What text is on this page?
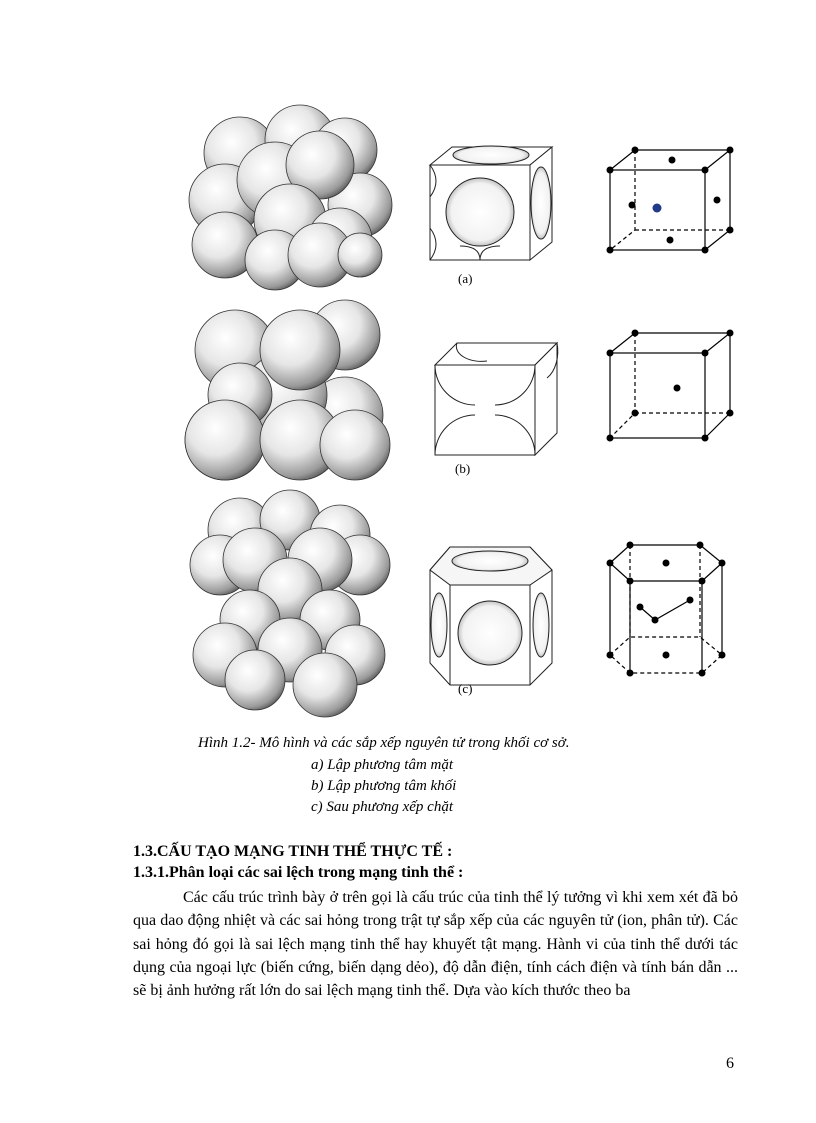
(a)
(b)
(c)
Hình 1.2- Mô hình và các sắp xếp nguyên tử trong khối cơ sở.
a) Lập phương tâm mặt
b) Lập phương tâm khối
c) Sau phương xếp chặt
1.3.CẤU TẠO MẠNG TINH THỂ THỰC TẾ :
1.3.1.Phân loại các sai lệch trong mạng tinh thể :
Các cấu trúc trình bày ở trên gọi là cấu trúc của tinh thể lý tưởng vì khi xem xét đã bỏ qua dao động nhiệt và các sai hỏng trong trật tự sắp xếp của các nguyên tử (ion, phân tử). Các sai hỏng đó gọi là sai lệch mạng tinh thể hay khuyết tật mạng. Hành vi của tinh thể dưới tác dụng của ngoại lực (biến cứng, biến dạng dẻo), độ dẫn điện, tính cách điện và tính bán dẫn ... sẽ bị ảnh hưởng rất lớn do sai lệch mạng tinh thể. Dựa vào kích thước theo ba
6
